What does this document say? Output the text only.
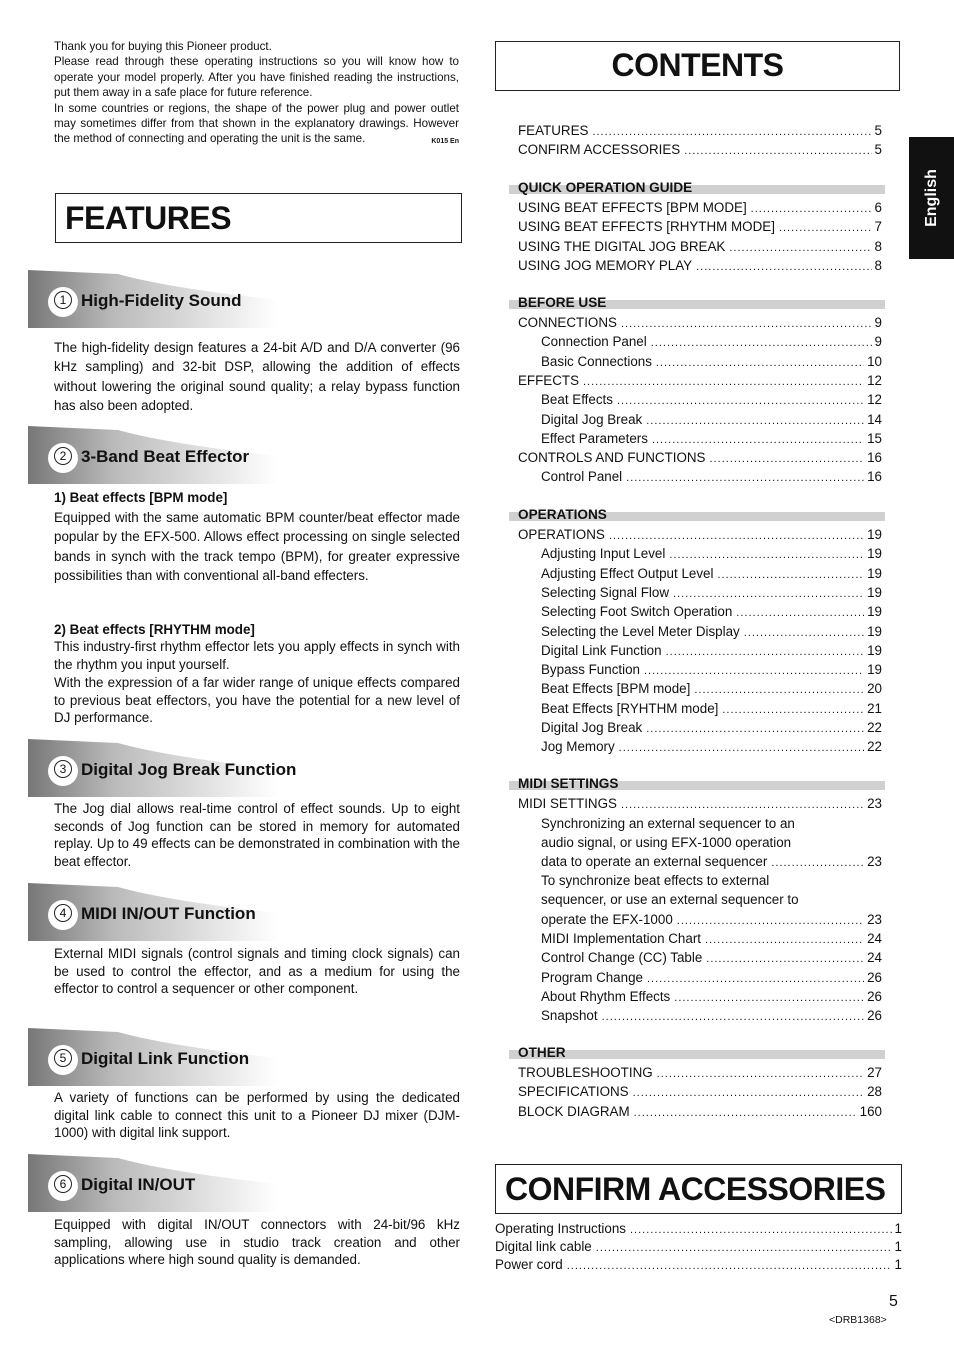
Thank you for buying this Pioneer product.

Please read through these operating instructions so you will know how to operate your model properly. After you have finished reading the instructions, put them away in a safe place for future reference.

In some countries or regions, the shape of the power plug and power outlet may sometimes differ from that shown in the explanatory drawings. However the method of connecting and operating the unit is the same.	K015 En
FEATURES
1 High-Fidelity Sound
The high-fidelity design features a 24-bit A/D and D/A converter (96 kHz sampling) and 32-bit DSP, allowing the addition of effects without lowering the original sound quality; a relay bypass function has also been adopted.
2 3-Band Beat Effector
1) Beat effects [BPM mode]
Equipped with the same automatic BPM counter/beat effector made popular by the EFX-500. Allows effect processing on single selected bands in synch with the track tempo (BPM), for greater expressive possibilities than with conventional all-band effecters.
2) Beat effects [RHYTHM mode]
This industry-first rhythm effector lets you apply effects in synch with the rhythm you input yourself.
With the expression of a far wider range of unique effects compared to previous beat effectors, you have the potential for a new level of DJ performance.
3 Digital Jog Break Function
The Jog dial allows real-time control of effect sounds. Up to eight seconds of Jog function can be stored in memory for automated replay. Up to 49 effects can be demonstrated in combination with the beat effector.
4 MIDI IN/OUT Function
External MIDI signals (control signals and timing clock signals) can be used to control the effector, and as a medium for using the effector to control a sequencer or other component.
5 Digital Link Function
A variety of functions can be performed by using the dedicated digital link cable to connect this unit to a Pioneer DJ mixer (DJM-1000) with digital link support.
6 Digital IN/OUT
Equipped with digital IN/OUT connectors with 24-bit/96 kHz sampling, allowing use in studio track creation and other applications where high sound quality is demanded.
CONTENTS
FEATURES .....	5
CONFIRM ACCESSORIES .....	5
QUICK OPERATION GUIDE
USING BEAT EFFECTS [BPM MODE] .....	6
USING BEAT EFFECTS [RHYTHM MODE] .....	7
USING THE DIGITAL JOG BREAK .....	8
USING JOG MEMORY PLAY .....	8
BEFORE USE
CONNECTIONS .....	9
Connection Panel .....	9
Basic Connections .....	10
EFFECTS .....	12
Beat Effects .....	12
Digital Jog Break .....	14
Effect Parameters .....	15
CONTROLS AND FUNCTIONS .....	16
Control Panel .....	16
OPERATIONS
OPERATIONS .....	19
Adjusting Input Level .....	19
Adjusting Effect Output Level .....	19
Selecting Signal Flow .....	19
Selecting Foot Switch Operation .....	19
Selecting the Level Meter Display .....	19
Digital Link Function .....	19
Bypass Function .....	19
Beat Effects [BPM mode] .....	20
Beat Effects [RYHTHM mode] .....	21
Digital Jog Break .....	22
Jog Memory .....	22
MIDI SETTINGS
MIDI SETTINGS .....	23
Synchronizing an external sequencer to an
audio signal, or using EFX-1000 operation
data to operate an external sequencer .....	23
To synchronize beat effects to external
sequencer, or use an external sequencer to
operate the EFX-1000 .....	23
MIDI Implementation Chart .....	24
Control Change (CC) Table .....	24
Program Change .....	26
About Rhythm Effects .....	26
Snapshot .....	26
OTHER
TROUBLESHOOTING .....	27
SPECIFICATIONS .....	28
BLOCK DIAGRAM .....	160
CONFIRM ACCESSORIES
Operating Instructions .....	1
Digital link cable .....	1
Power cord .....	1
English
5
<DRB1368>
